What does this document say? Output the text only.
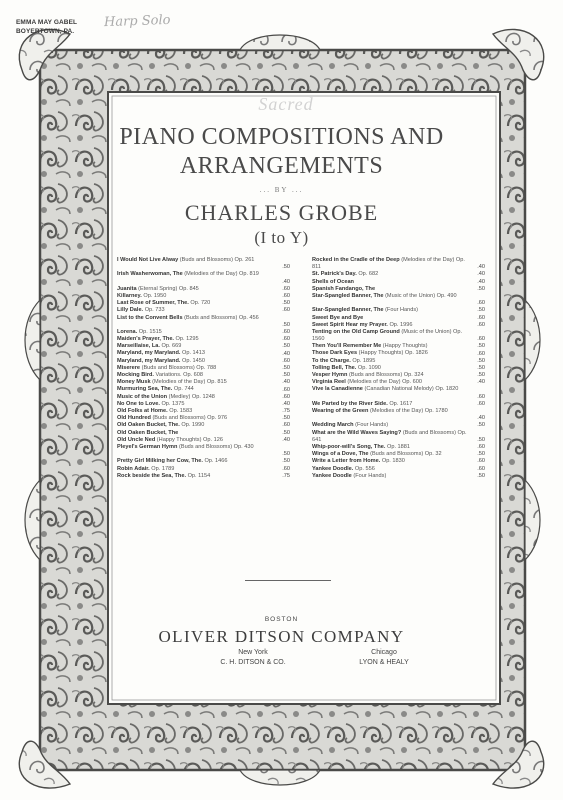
EMMA MAY GABEL
BOYERTOWN, PA.
Harp Solo
Sacred
PIANO COMPOSITIONS AND
ARRANGEMENTS
... BY ...
CHARLES GROBE
(I to Y)
I Would Not Live Alway (Buds and Blossoms) Op. 261
.50
Irish Washerwoman, The (Melodies of the Day) Op. 819
.40
Juanita (Eternal Spring) Op. 845	.60
Killarney. Op. 1950	.60
Last Rose of Summer, The. Op. 720	.50
Lilly Dale. Op. 733	.60
List to the Convent Bells (Buds and Blossoms) Op. 456
.50
Lorena. Op. 1515	.60
Maiden's Prayer, The. Op. 1295	.60
Marseillaise, La. Op. 669	.50
Maryland, my Maryland. Op. 1413	.40
Maryland, my Maryland. Op. 1450	.60
Miserere (Buds and Blossoms) Op. 788	.50
Mocking Bird. Variations. Op. 608	.50
Money Musk (Melodies of the Day) Op. 815	.40
Murmuring Sea, The. Op. 744	.60
Music of the Union (Medley) Op. 1248	.60
No One to Love. Op. 1375	.40
Old Folks at Home. Op. 1583	.75
Old Hundred (Buds and Blossoms) Op. 976	.50
Old Oaken Bucket, The. Op. 1990	.60
Old Oaken Bucket, The	.50
Old Uncle Ned (Happy Thoughts) Op. 126	.40
Pleyel's German Hymn (Buds and Blossoms) Op. 430
.50
Pretty Girl Milking her Cow, The. Op. 1466	.50
Robin Adair. Op. 1789	.60
Rock beside the Sea, The. Op. 1154	.75
Rocked in the Cradle of the Deep (Melodies of the Day) Op. 811	.40
St. Patrick's Day. Op. 682	.40
Shells of Ocean	.40
Spanish Fandango, The	.50
Star-Spangled Banner, The (Music of the Union) Op. 490
.60
Star-Spangled Banner, The (Four Hands)	.50
Sweet Bye and Bye	.60
Sweet Spirit Hear my Prayer. Op. 1996	.60
Tenting on the Old Camp Ground (Music of the Union) Op. 1560	.60
Then You'll Remember Me (Happy Thoughts)	.50
Those Dark Eyes (Happy Thoughts) Op. 1826	.60
To the Charge. Op. 1895	.50
Tolling Bell, The. Op. 1090	.50
Vesper Hymn (Buds and Blossoms) Op. 324	.50
Virginia Reel (Melodies of the Day) Op. 600	.40
Vive la Canadienne (Canadian National Melody) Op. 1820
.60
We Parted by the River Side. Op. 1617	.60
Wearing of the Green (Melodies of the Day) Op. 1780
.40
Wedding March (Four Hands)	.50
What are the Wild Waves Saying? (Buds and Blossoms) Op. 641	.50
Whip-poor-will's Song, The. Op. 1881	.60
Wings of a Dove, The (Buds and Blossoms) Op. 32	.50
Write a Letter from Home. Op. 1830	.60
Yankee Doodle. Op. 556	.60
Yankee Doodle (Four Hands)	.50
BOSTON
OLIVER DITSON COMPANY
New York
C. H. DITSON & CO.
Chicago
LYON & HEALY
